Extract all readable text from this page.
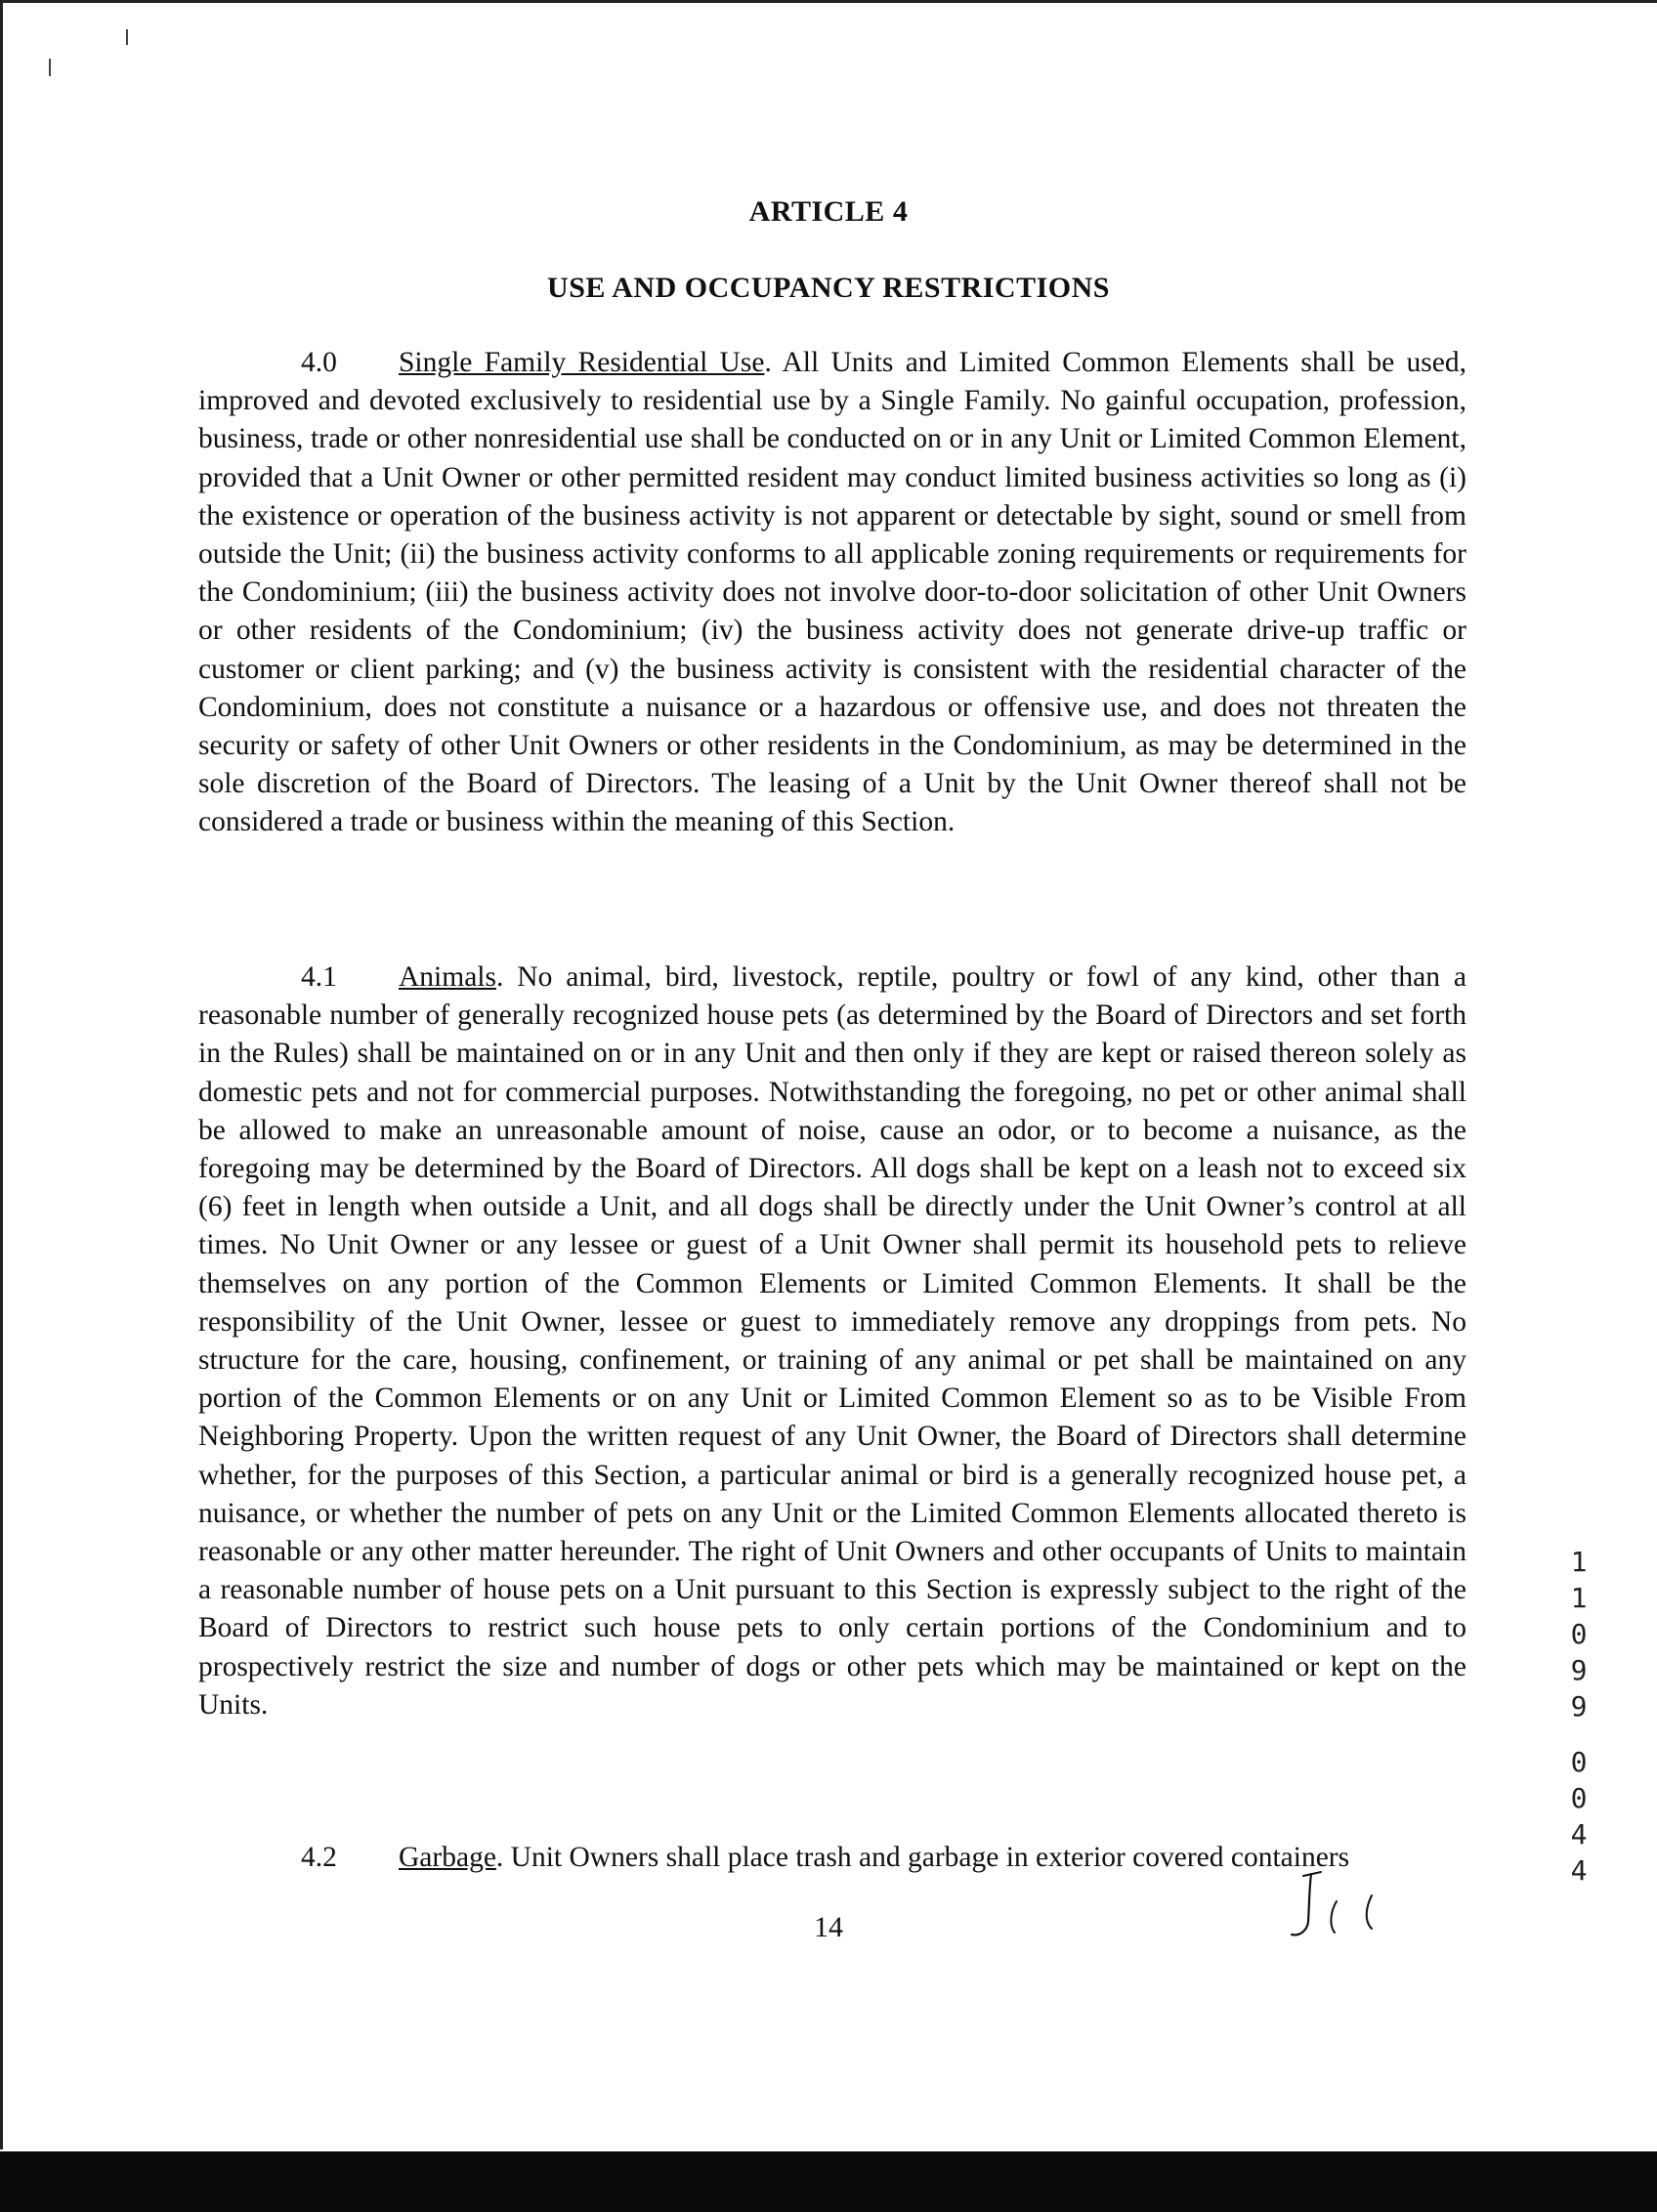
ARTICLE 4
USE AND OCCUPANCY RESTRICTIONS

4.0 Single Family Residential Use. All Units and Limited Common Elements shall be used, improved and devoted exclusively to residential use by a Single Family. No gainful occupation, profession, business, trade or other nonresidential use shall be conducted on or in any Unit or Limited Common Element, provided that a Unit Owner or other permitted resident may conduct limited business activities so long as (i) the existence or operation of the business activity is not apparent or detectable by sight, sound or smell from outside the Unit; (ii) the business activity conforms to all applicable zoning requirements or requirements for the Condominium; (iii) the business activity does not involve door-to-door solicitation of other Unit Owners or other residents of the Condominium; (iv) the business activity does not generate drive-up traffic or customer or client parking; and (v) the business activity is consistent with the residential character of the Condominium, does not constitute a nuisance or a hazardous or offensive use, and does not threaten the security or safety of other Unit Owners or other residents in the Condominium, as may be determined in the sole discretion of the Board of Directors. The leasing of a Unit by the Unit Owner thereof shall not be considered a trade or business within the meaning of this Section.

4.1 Animals. No animal, bird, livestock, reptile, poultry or fowl of any kind, other than a reasonable number of generally recognized house pets (as determined by the Board of Directors and set forth in the Rules) shall be maintained on or in any Unit and then only if they are kept or raised thereon solely as domestic pets and not for commercial purposes. Notwithstanding the foregoing, no pet or other animal shall be allowed to make an unreasonable amount of noise, cause an odor, or to become a nuisance, as the foregoing may be determined by the Board of Directors. All dogs shall be kept on a leash not to exceed six (6) feet in length when outside a Unit, and all dogs shall be directly under the Unit Owner’s control at all times. No Unit Owner or any lessee or guest of a Unit Owner shall permit its household pets to relieve themselves on any portion of the Common Elements or Limited Common Elements. It shall be the responsibility of the Unit Owner, lessee or guest to immediately remove any droppings from pets. No structure for the care, housing, confinement, or training of any animal or pet shall be maintained on any portion of the Common Elements or on any Unit or Limited Common Element so as to be Visible From Neighboring Property. Upon the written request of any Unit Owner, the Board of Directors shall determine whether, for the purposes of this Section, a particular animal or bird is a generally recognized house pet, a nuisance, or whether the number of pets on any Unit or the Limited Common Elements allocated thereto is reasonable or any other matter hereunder. The right of Unit Owners and other occupants of Units to maintain a reasonable number of house pets on a Unit pursuant to this Section is expressly subject to the right of the Board of Directors to restrict such house pets to only certain portions of the Condominium and to prospectively restrict the size and number of dogs or other pets which may be maintained or kept on the Units.

4.2 Garbage. Unit Owners shall place trash and garbage in exterior covered containers

14
1
1
0
9
9
0
0
4
4
